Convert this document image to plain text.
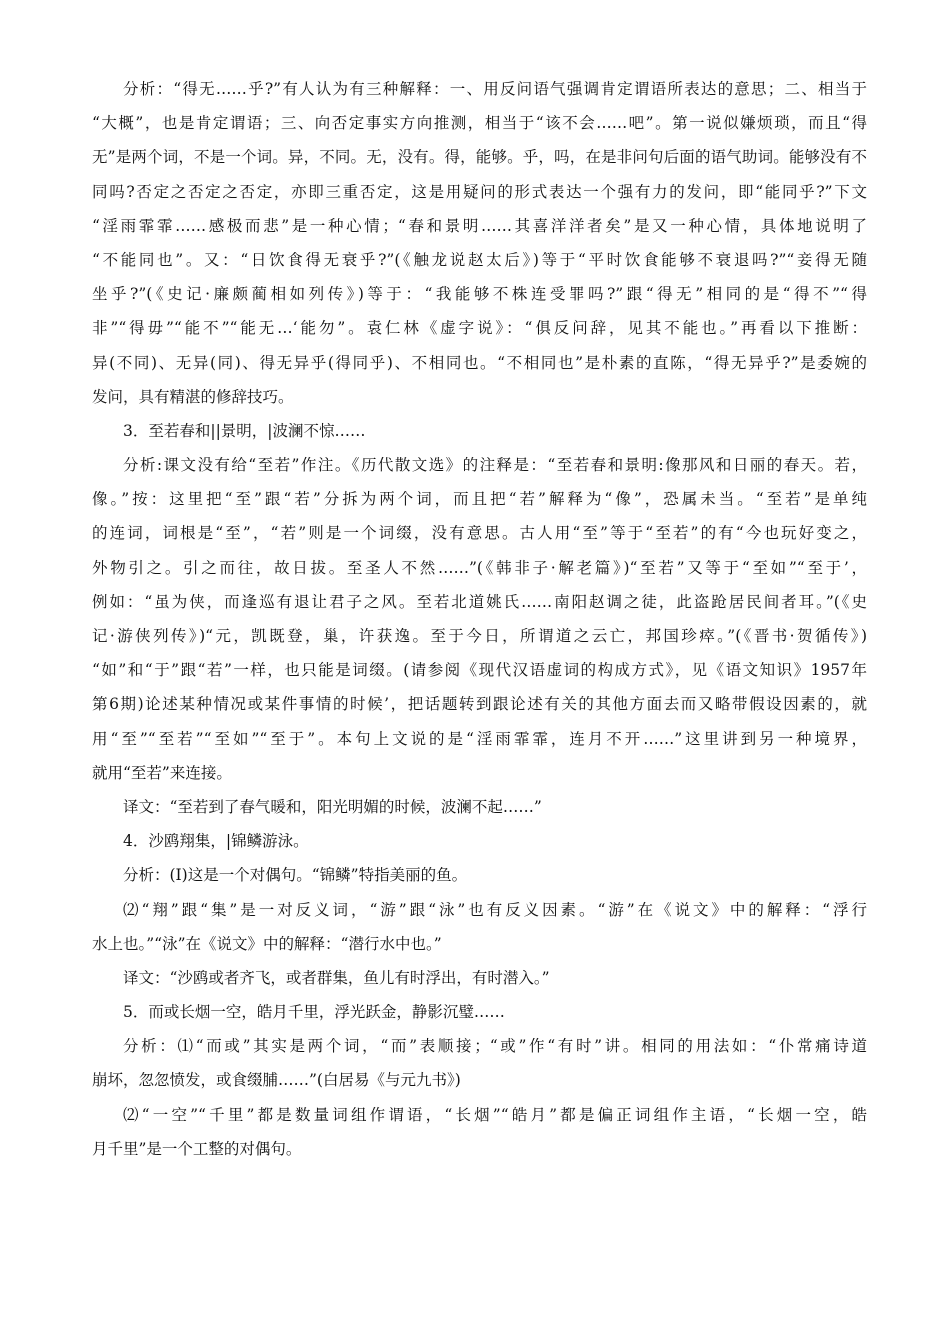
分析：“得无……乎?”有人认为有三种解释：一、用反问语气强调肯定谓语所表达的意思；二、相当于
“大概”，也是肯定谓语；三、向否定事实方向推测，相当于“该不会……吧”。第一说似嫌烦琐，而且“得
无”是两个词，不是一个词。异，不同。无，没有。得，能够。乎，吗，在是非问句后面的语气助词。能够没有不
同吗?否定之否定之否定，亦即三重否定，这是用疑问的形式表达一个强有力的发问，即“能同乎?”下文
“淫雨霏霏……感极而悲”是一种心情；“春和景明……其喜洋洋者矣”是又一种心情，具体地说明了
“不能同也”。又：“日饮食得无衰乎?”(《触龙说赵太后》)等于“平时饮食能够不衰退吗?”“妾得无随
坐乎?”(《史记·廉颇蔺相如列传》)等于：“我能够不株连受罪吗?”跟“得无”相同的是“得不”“得
非”“得毋”“能不”“能无…‘能勿”。袁仁林《虚字说》：“俱反问辞，见其不能也。”再看以下推断：
异(不同)、无异(同)、得无异乎(得同乎)、不相同也。“不相同也”是朴素的直陈，“得无异乎?”是委婉的
发问，具有精湛的修辞技巧。
3．至若春和||景明，|波澜不惊……
分析:课文没有给“至若”作注。《历代散文选》的注释是：“至若春和景明:像那风和日丽的春天。若，
像。”按：这里把“至”跟“若”分拆为两个词，而且把“若”解释为“像”，恐属未当。“至若”是单纯
的连词，词根是“至”，“若”则是一个词缀，没有意思。古人用“至”等于“至若”的有“今也玩好变之，
外物引之。引之而往，故日拔。至圣人不然……”(《韩非子·解老篇》)“至若”又等于“至如”“至于’，
例如：“虽为侠，而逢巡有退让君子之风。至若北道姚氏……南阳赵调之徒，此盗跄居民间者耳。”(《史
记·游侠列传》)“元，凯既登，巢，许获逸。至于今日，所谓道之云亡，邦国珍瘁。”(《晋书·贺循传》)
“如”和“于”跟“若”一样，也只能是词缀。(请参阅《现代汉语虚词的构成方式》，见《语文知识》1957年
第6期)论述某种情况或某件事情的时候’，把话题转到跟论述有关的其他方面去而又略带假设因素的，就
用“至”“至若”“至如”“至于”。本句上文说的是“淫雨霏霏，连月不开……”这里讲到另一种境界，
就用“至若”来连接。
译文：“至若到了春气暖和，阳光明媚的时候，波澜不起……”
4．沙鸥翔集，|锦鳞游泳。
分析：(I)这是一个对偶句。“锦鳞”特指美丽的鱼。
⑵“翔”跟“集”是一对反义词，“游”跟“泳”也有反义因素。“游”在《说文》中的解释：“浮行
水上也。”“泳”在《说文》中的解释：“潜行水中也。”
译文：“沙鸥或者齐飞，或者群集，鱼儿有时浮出，有时潜入。”
5．而或长烟一空，皓月千里，浮光跃金，静影沉璧……
分析：⑴“而或”其实是两个词，“而”表顺接；“或”作“有时”讲。相同的用法如：“仆常痛诗道
崩坏，忽忽愤发，或食缀脯……”(白居易《与元九书》)
⑵“一空”“千里”都是数量词组作谓语，“长烟”“皓月”都是偏正词组作主语，“长烟一空，皓
月千里”是一个工整的对偶句。
